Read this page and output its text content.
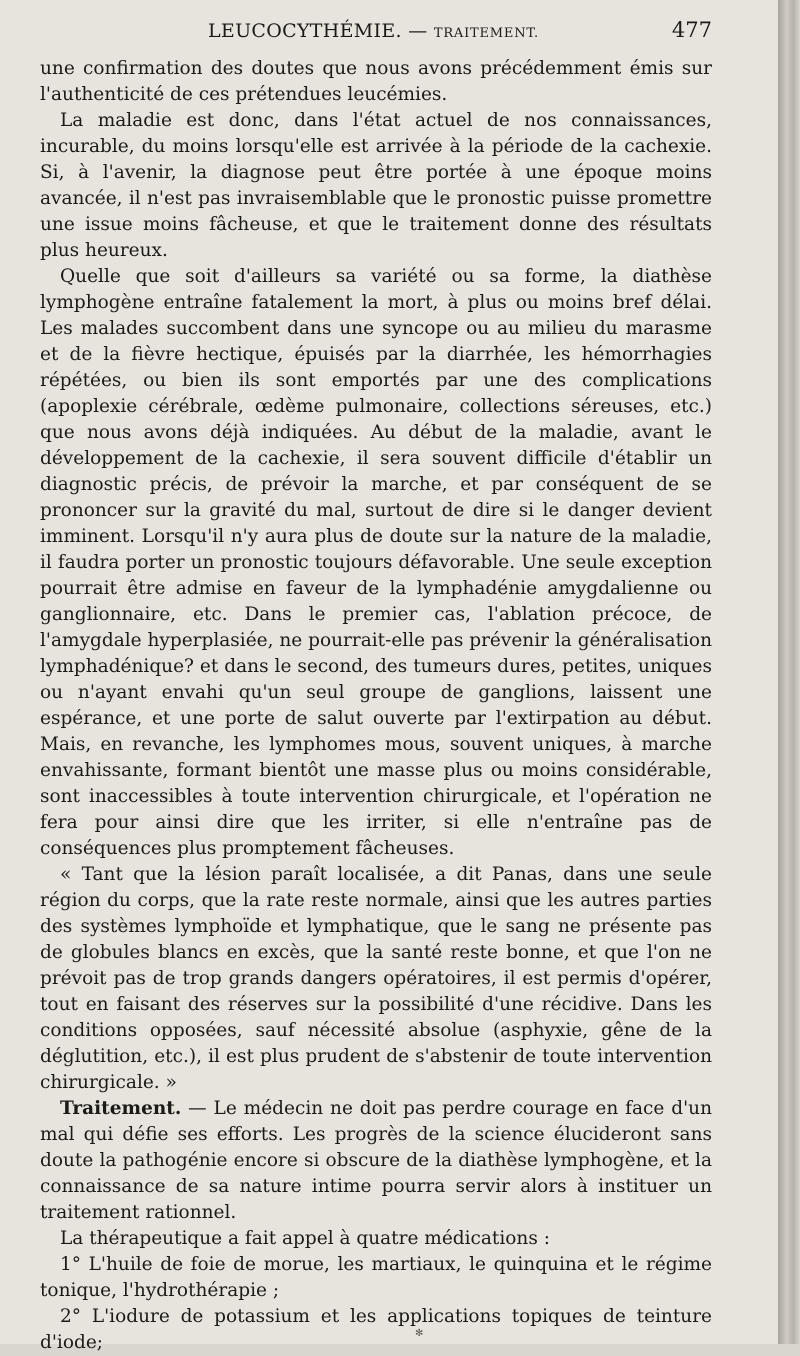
LEUCOCYTHÉMIE. — TRAITEMENT.	477

une confirmation des doutes que nous avons précédemment émis sur l'authenticité de ces prétendues leucémies.

La maladie est donc, dans l'état actuel de nos connaissances, incurable, du moins lorsqu'elle est arrivée à la période de la cachexie. Si, à l'avenir, la diagnose peut être portée à une époque moins avancée, il n'est pas invraisemblable que le pronostic puisse promettre une issue moins fâcheuse, et que le traitement donne des résultats plus heureux.

Quelle que soit d'ailleurs sa variété ou sa forme, la diathèse lymphogène entraîne fatalement la mort, à plus ou moins bref délai. Les malades succombent dans une syncope ou au milieu du marasme et de la fièvre hectique, épuisés par la diarrhée, les hémorrhagies répétées, ou bien ils sont emportés par une des complications (apoplexie cérébrale, œdème pulmonaire, collections séreuses, etc.) que nous avons déjà indiquées. Au début de la maladie, avant le développement de la cachexie, il sera souvent difficile d'établir un diagnostic précis, de prévoir la marche, et par conséquent de se prononcer sur la gravité du mal, surtout de dire si le danger devient imminent. Lorsqu'il n'y aura plus de doute sur la nature de la maladie, il faudra porter un pronostic toujours défavorable. Une seule exception pourrait être admise en faveur de la lymphadénie amygdalienne ou ganglionnaire, etc. Dans le premier cas, l'ablation précoce, de l'amygdale hyperplasiée, ne pourrait-elle pas prévenir la généralisation lymphadénique? et dans le second, des tumeurs dures, petites, uniques ou n'ayant envahi qu'un seul groupe de ganglions, laissent une espérance, et une porte de salut ouverte par l'extirpation au début. Mais, en revanche, les lymphomes mous, souvent uniques, à marche envahissante, formant bientôt une masse plus ou moins considérable, sont inaccessibles à toute intervention chirurgicale, et l'opération ne fera pour ainsi dire que les irriter, si elle n'entraîne pas de conséquences plus promptement fâcheuses.

« Tant que la lésion paraît localisée, a dit Panas, dans une seule région du corps, que la rate reste normale, ainsi que les autres parties des systèmes lymphoïde et lymphatique, que le sang ne présente pas de globules blancs en excès, que la santé reste bonne, et que l'on ne prévoit pas de trop grands dangers opératoires, il est permis d'opérer, tout en faisant des réserves sur la possibilité d'une récidive. Dans les conditions opposées, sauf nécessité absolue (asphyxie, gêne de la déglutition, etc.), il est plus prudent de s'abstenir de toute intervention chirurgicale. »

Traitement. — Le médecin ne doit pas perdre courage en face d'un mal qui défie ses efforts. Les progrès de la science élucideront sans doute la pathogénie encore si obscure de la diathèse lymphogène, et la connaissance de sa nature intime pourra servir alors à instituer un traitement rationnel.

La thérapeutique a fait appel à quatre médications :

1° L'huile de foie de morue, les martiaux, le quinquina et le régime tonique, l'hydrothérapie ;

2° L'iodure de potassium et les applications topiques de teinture d'iode;	✻
